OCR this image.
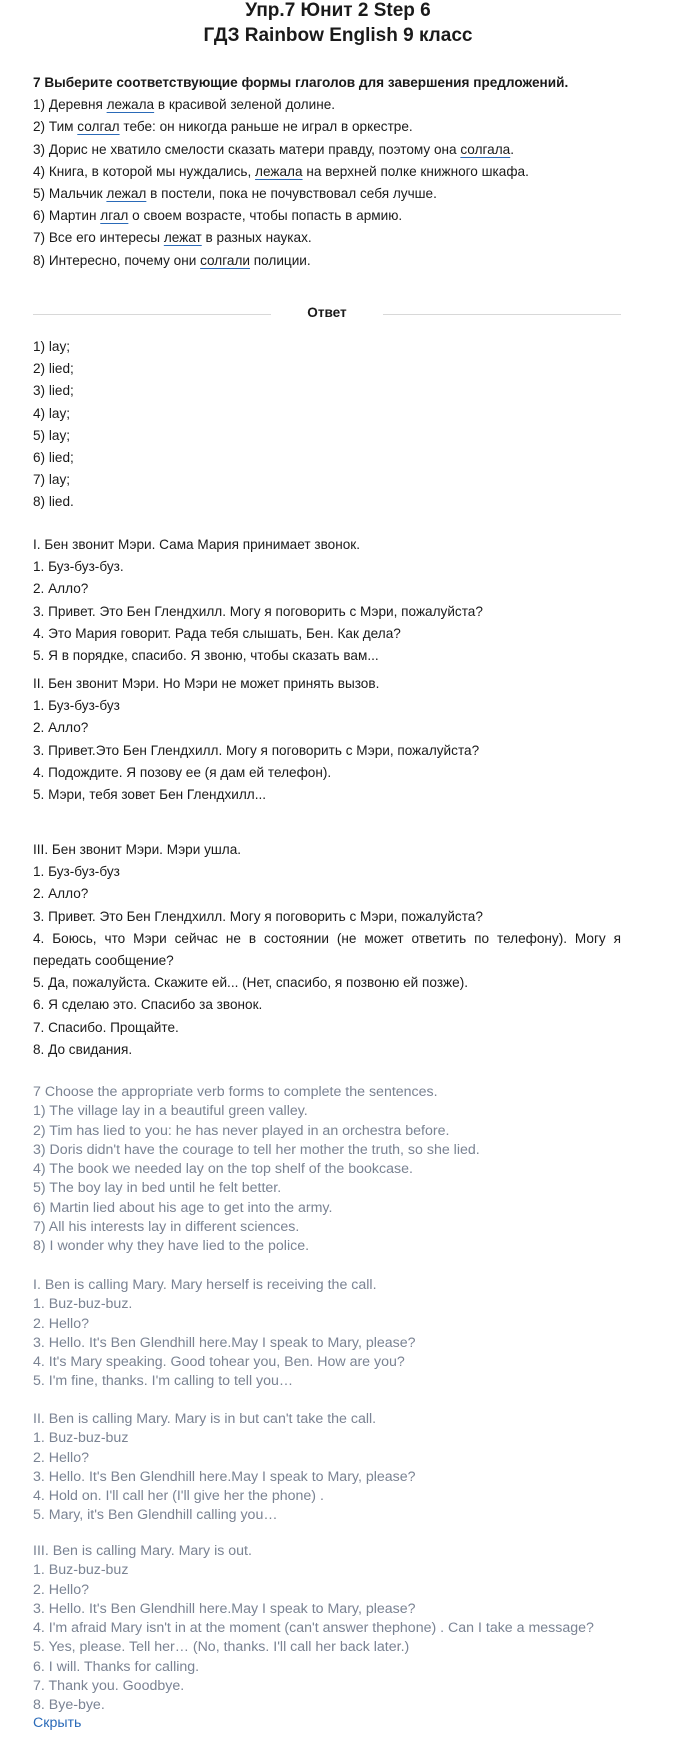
Упр.7 Юнит 2 Step 6
ГДЗ Rainbow English 9 класс
7 Выберите соответствующие формы глаголов для завершения предложений.
1) Деревня лежала в красивой зеленой долине.
2) Тим солгал тебе: он никогда раньше не играл в оркестре.
3) Дорис не хватило смелости сказать матери правду, поэтому она солгала.
4) Книга, в которой мы нуждались, лежала на верхней полке книжного шкафа.
5) Мальчик лежал в постели, пока не почувствовал себя лучше.
6) Мартин лгал о своем возрасте, чтобы попасть в армию.
7) Все его интересы лежат в разных науках.
8) Интересно, почему они солгали полиции.
Ответ
1) lay;
2) lied;
3) lied;
4) lay;
5) lay;
6) lied;
7) lay;
8) lied.
I. Бен звонит Мэри. Сама Мария принимает звонок.
1. Буз-буз-буз.
2. Алло?
3. Привет. Это Бен Глендхилл. Могу я поговорить с Мэри, пожалуйста?
4. Это Мария говорит. Рада тебя слышать, Бен. Как дела?
5. Я в порядке, спасибо. Я звоню, чтобы сказать вам...
II. Бен звонит Мэри. Но Мэри не может принять вызов.
1. Буз-буз-буз
2. Алло?
3. Привет.Это Бен Глендхилл. Могу я поговорить с Мэри, пожалуйста?
4. Подождите. Я позову ее (я дам ей телефон).
5. Мэри, тебя зовет Бен Глендхилл...
III. Бен звонит Мэри. Мэри ушла.
1. Буз-буз-буз
2. Алло?
3. Привет. Это Бен Глендхилл. Могу я поговорить с Мэри, пожалуйста?
4. Боюсь, что Мэри сейчас не в состоянии (не может ответить по телефону). Могу я передать сообщение?
5. Да, пожалуйста. Скажите ей... (Нет, спасибо, я позвоню ей позже).
6. Я сделаю это. Спасибо за звонок.
7. Спасибо. Прощайте.
8. До свидания.
7 Choose the appropriate verb forms to complete the sentences.
1) The village lay in a beautiful green valley.
2) Tim has lied to you: he has never played in an orchestra before.
3) Doris didn't have the courage to tell her mother the truth, so she lied.
4) The book we needed lay on the top shelf of the bookcase.
5) The boy lay in bed until he felt better.
6) Martin lied about his age to get into the army.
7) All his interests lay in different sciences.
8) I wonder why they have lied to the police.
I. Ben is calling Mary. Mary herself is receiving the call.
1. Buz-buz-buz.
2. Hello?
3. Hello. It's Ben Glendhill here.May I speak to Mary, please?
4. It's Mary speaking. Good tohear you, Ben. How are you?
5. I'm fine, thanks. I'm calling to tell you…
II. Ben is calling Mary. Mary is in but can't take the call.
1. Buz-buz-buz
2. Hello?
3. Hello. It's Ben Glendhill here.May I speak to Mary, please?
4. Hold on. I'll call her (I'll give her the phone) .
5. Mary, it's Ben Glendhill calling you…
III. Ben is calling Mary. Mary is out.
1. Buz-buz-buz
2. Hello?
3. Hello. It's Ben Glendhill here.May I speak to Mary, please?
4. I'm afraid Mary isn't in at the moment (can't answer thephone) . Can I take a message?
5. Yes, please. Tell her… (No, thanks. I'll call her back later.)
6. I will. Thanks for calling.
7. Thank you. Goodbye.
8. Bye-bye.
Скрыть
